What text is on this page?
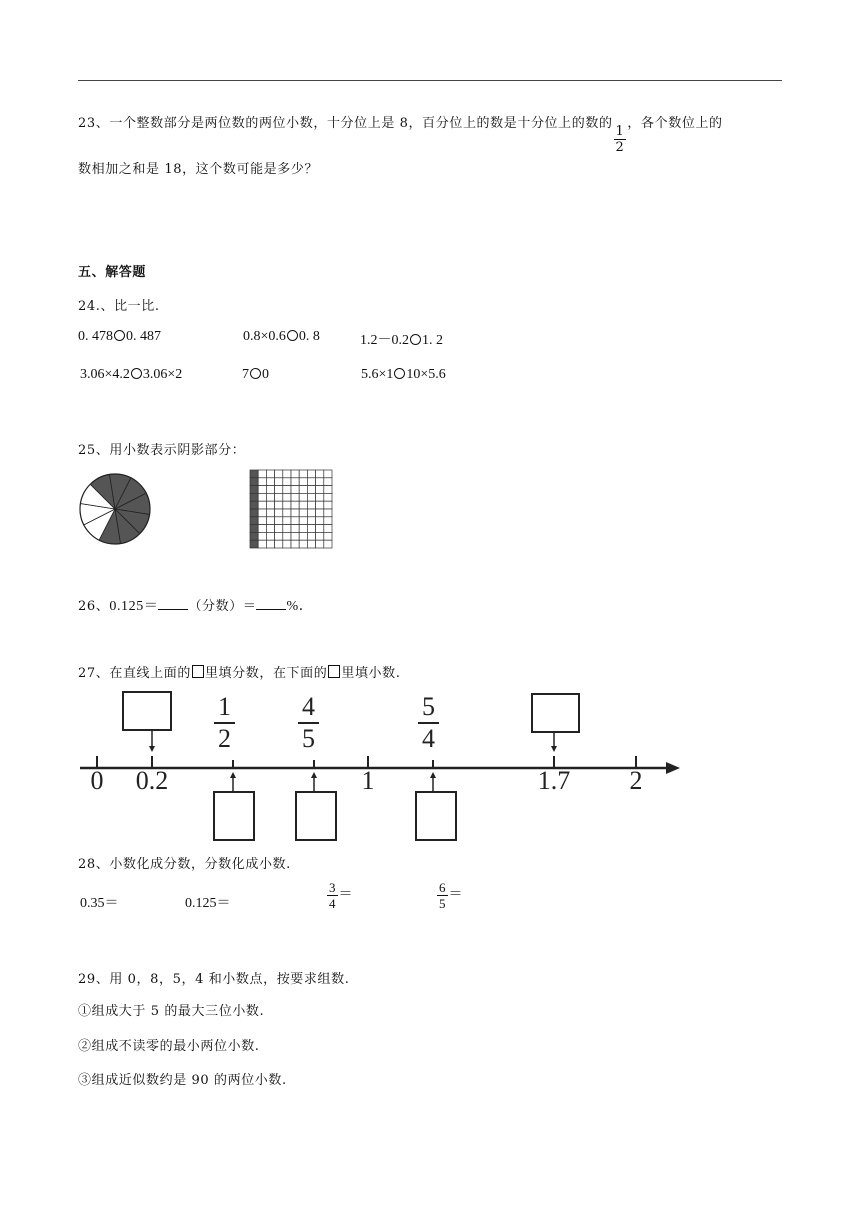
23、一个整数部分是两位数的两位小数，十分位上是 8，百分位上的数是十分位上的数的
$\frac{1}{2}$
，各个数位上的
数相加之和是 18，这个数可能是多少？
五、解答题
24.、比一比.
0. 478 0. 487	0.8×0.6 0. 8	1.2－0.2 1. 2
3.06×4.2 3.06×2	7 0	5.6×1 10×5.6
25、用小数表示阴影部分：
26、0.125＝ （分数）＝ %．
27、在直线上面的 里填分数，在下面的 里填小数.
$\frac{1}{2} \frac{4}{5}$	$\frac{5}{4}$
0 0.2	1	1.7 2
28、小数化成分数，分数化成小数.
0.35＝	0.125＝	$\frac{3}{4}$ ＝	$\frac{6}{5}$ ＝
29、用 0，8，5，4 和小数点，按要求组数.
①组成大于 5 的最大三位小数.
②组成不读零的最小两位小数.
③组成近似数约是 90 的两位小数.
